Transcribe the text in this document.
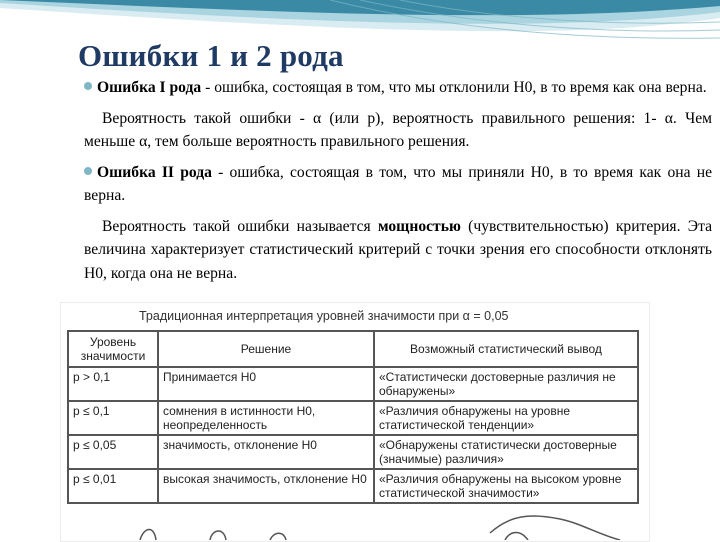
Ошибки 1 и 2 рода

Ошибка I рода - ошибка, состоящая в том, что мы отклонили H0, в то время как она верна.

Вероятность такой ошибки - α (или р), вероятность правильного решения: 1- α. Чем меньше α, тем больше вероятность правильного решения.

Ошибка II рода - ошибка, состоящая в том, что мы приняли H0, в то время как она не верна.

Вероятность такой ошибки называется мощностью (чувствительностью) критерия. Эта величина характеризует статистический критерий с точки зрения его способности отклонять H0, когда она не верна.

Традиционная интерпретация уровней значимости при α = 0,05
Уровень значимости	Решение	Возможный статистический вывод
p > 0,1	Принимается H0	«Статистически достоверные различия не обнаружены»
p ≤ 0,1	сомнения в истинности H0, неопределенность	«Различия обнаружены на уровне статистической тенденции»
p ≤ 0,05	значимость, отклонение H0	«Обнаружены статистически достоверные (значимые) различия»
p ≤ 0,01	высокая значимость, отклонение H0	«Различия обнаружены на высоком уровне статистической значимости»
